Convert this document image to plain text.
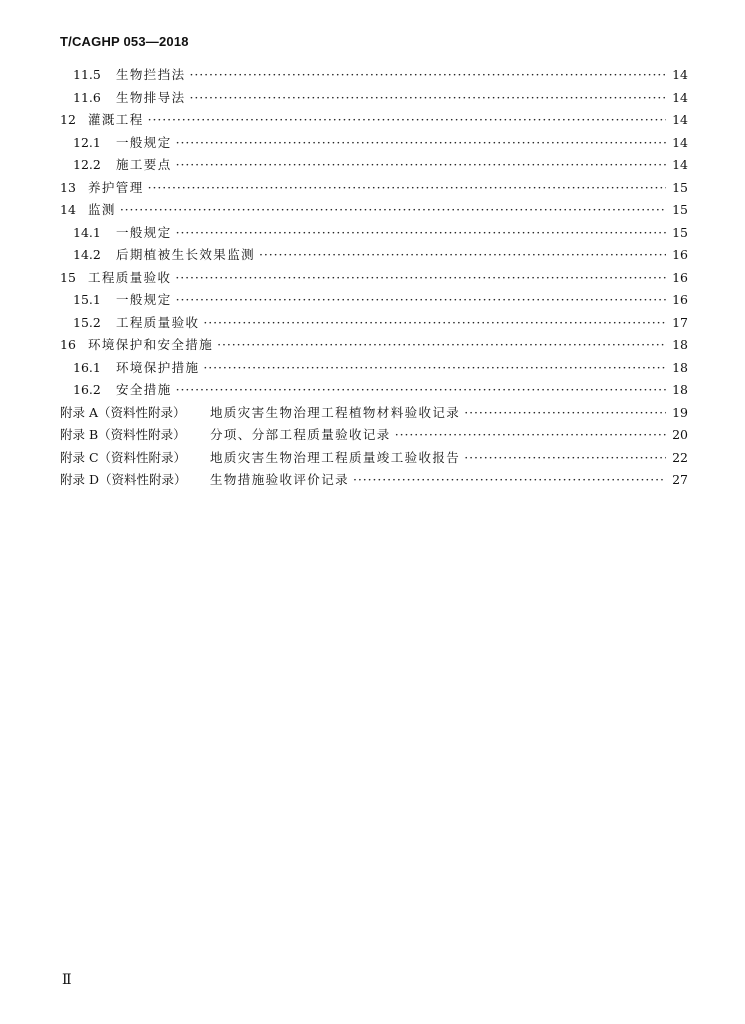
T/CAGHP 053—2018
11.5	生物拦挡法 ·····	14
11.6	生物排导法 ·····	14
12 灌溉工程 ·····	14
12.1	一般规定 ·····	14
12.2	施工要点 ·····	14
13 养护管理 ·····	15
14 监测 ·····	15
14.1	一般规定 ·····	15
14.2	后期植被生长效果监测 ·····	16
15 工程质量验收 ·····	16
15.1	一般规定 ·····	16
15.2	工程质量验收 ·····	17
16 环境保护和安全措施 ·····	18
16.1	环境保护措施 ·····	18
16.2	安全措施 ·····	18
附录 A（资料性附录）	地质灾害生物治理工程植物材料验收记录 ·····	19
附录 B（资料性附录）	分项、分部工程质量验收记录 ·····	20
附录 C（资料性附录）	地质灾害生物治理工程质量竣工验收报告 ·····	22
附录 D（资料性附录）	生物措施验收评价记录 ·····	27
Ⅱ
